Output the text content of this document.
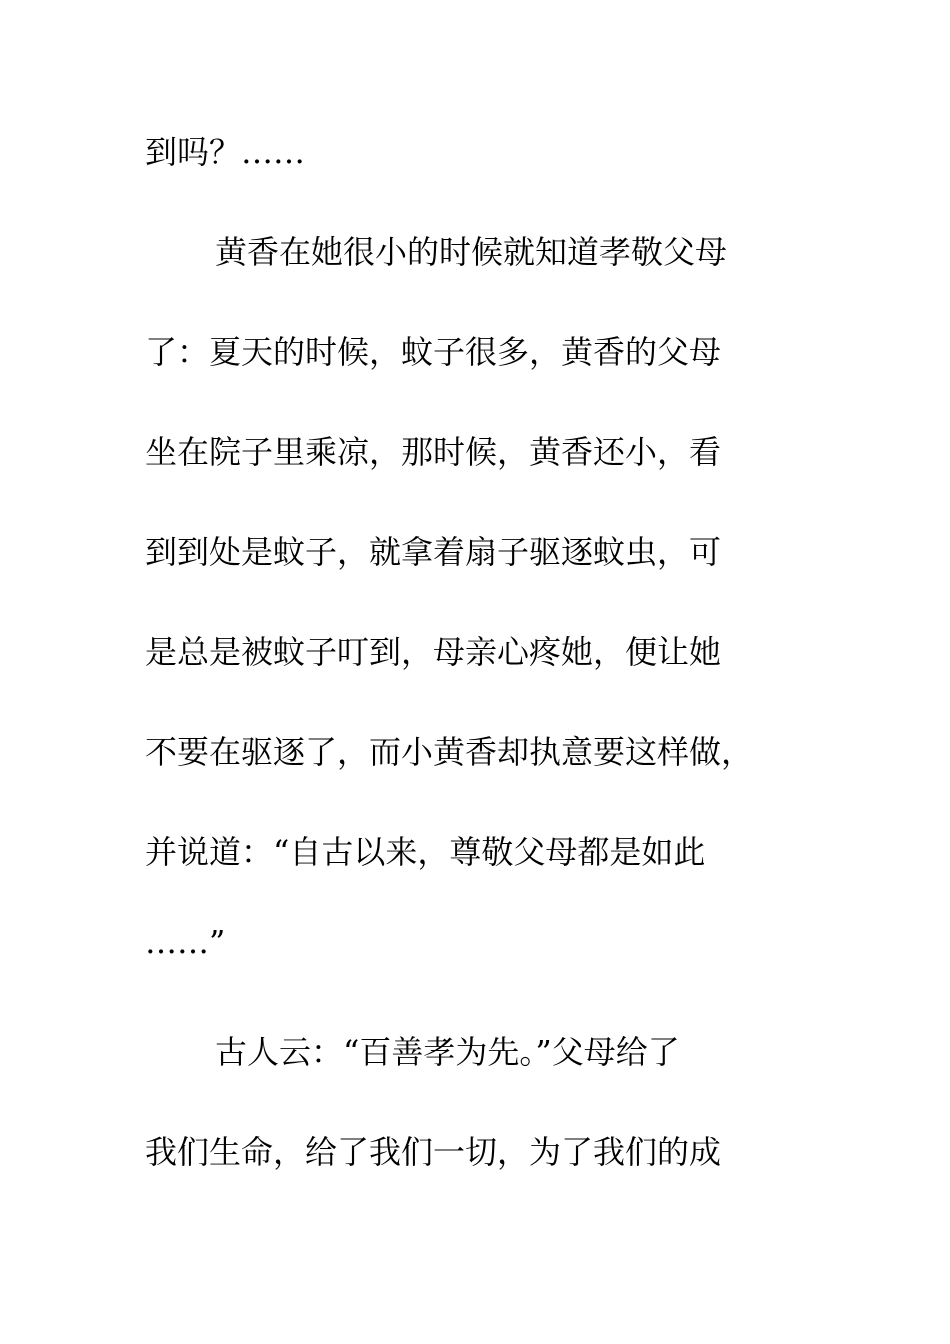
到吗？……

黄香在她很小的时候就知道孝敬父母

了：夏天的时候，蚊子很多，黄香的父母

坐在院子里乘凉，那时候，黄香还小，看

到到处是蚊子，就拿着扇子驱逐蚊虫，可

是总是被蚊子叮到，母亲心疼她，便让她

不要在驱逐了，而小黄香却执意要这样做，

并说道：“自古以来，尊敬父母都是如此

……”

古人云：“百善孝为先。”父母给了

我们生命，给了我们一切，为了我们的成
